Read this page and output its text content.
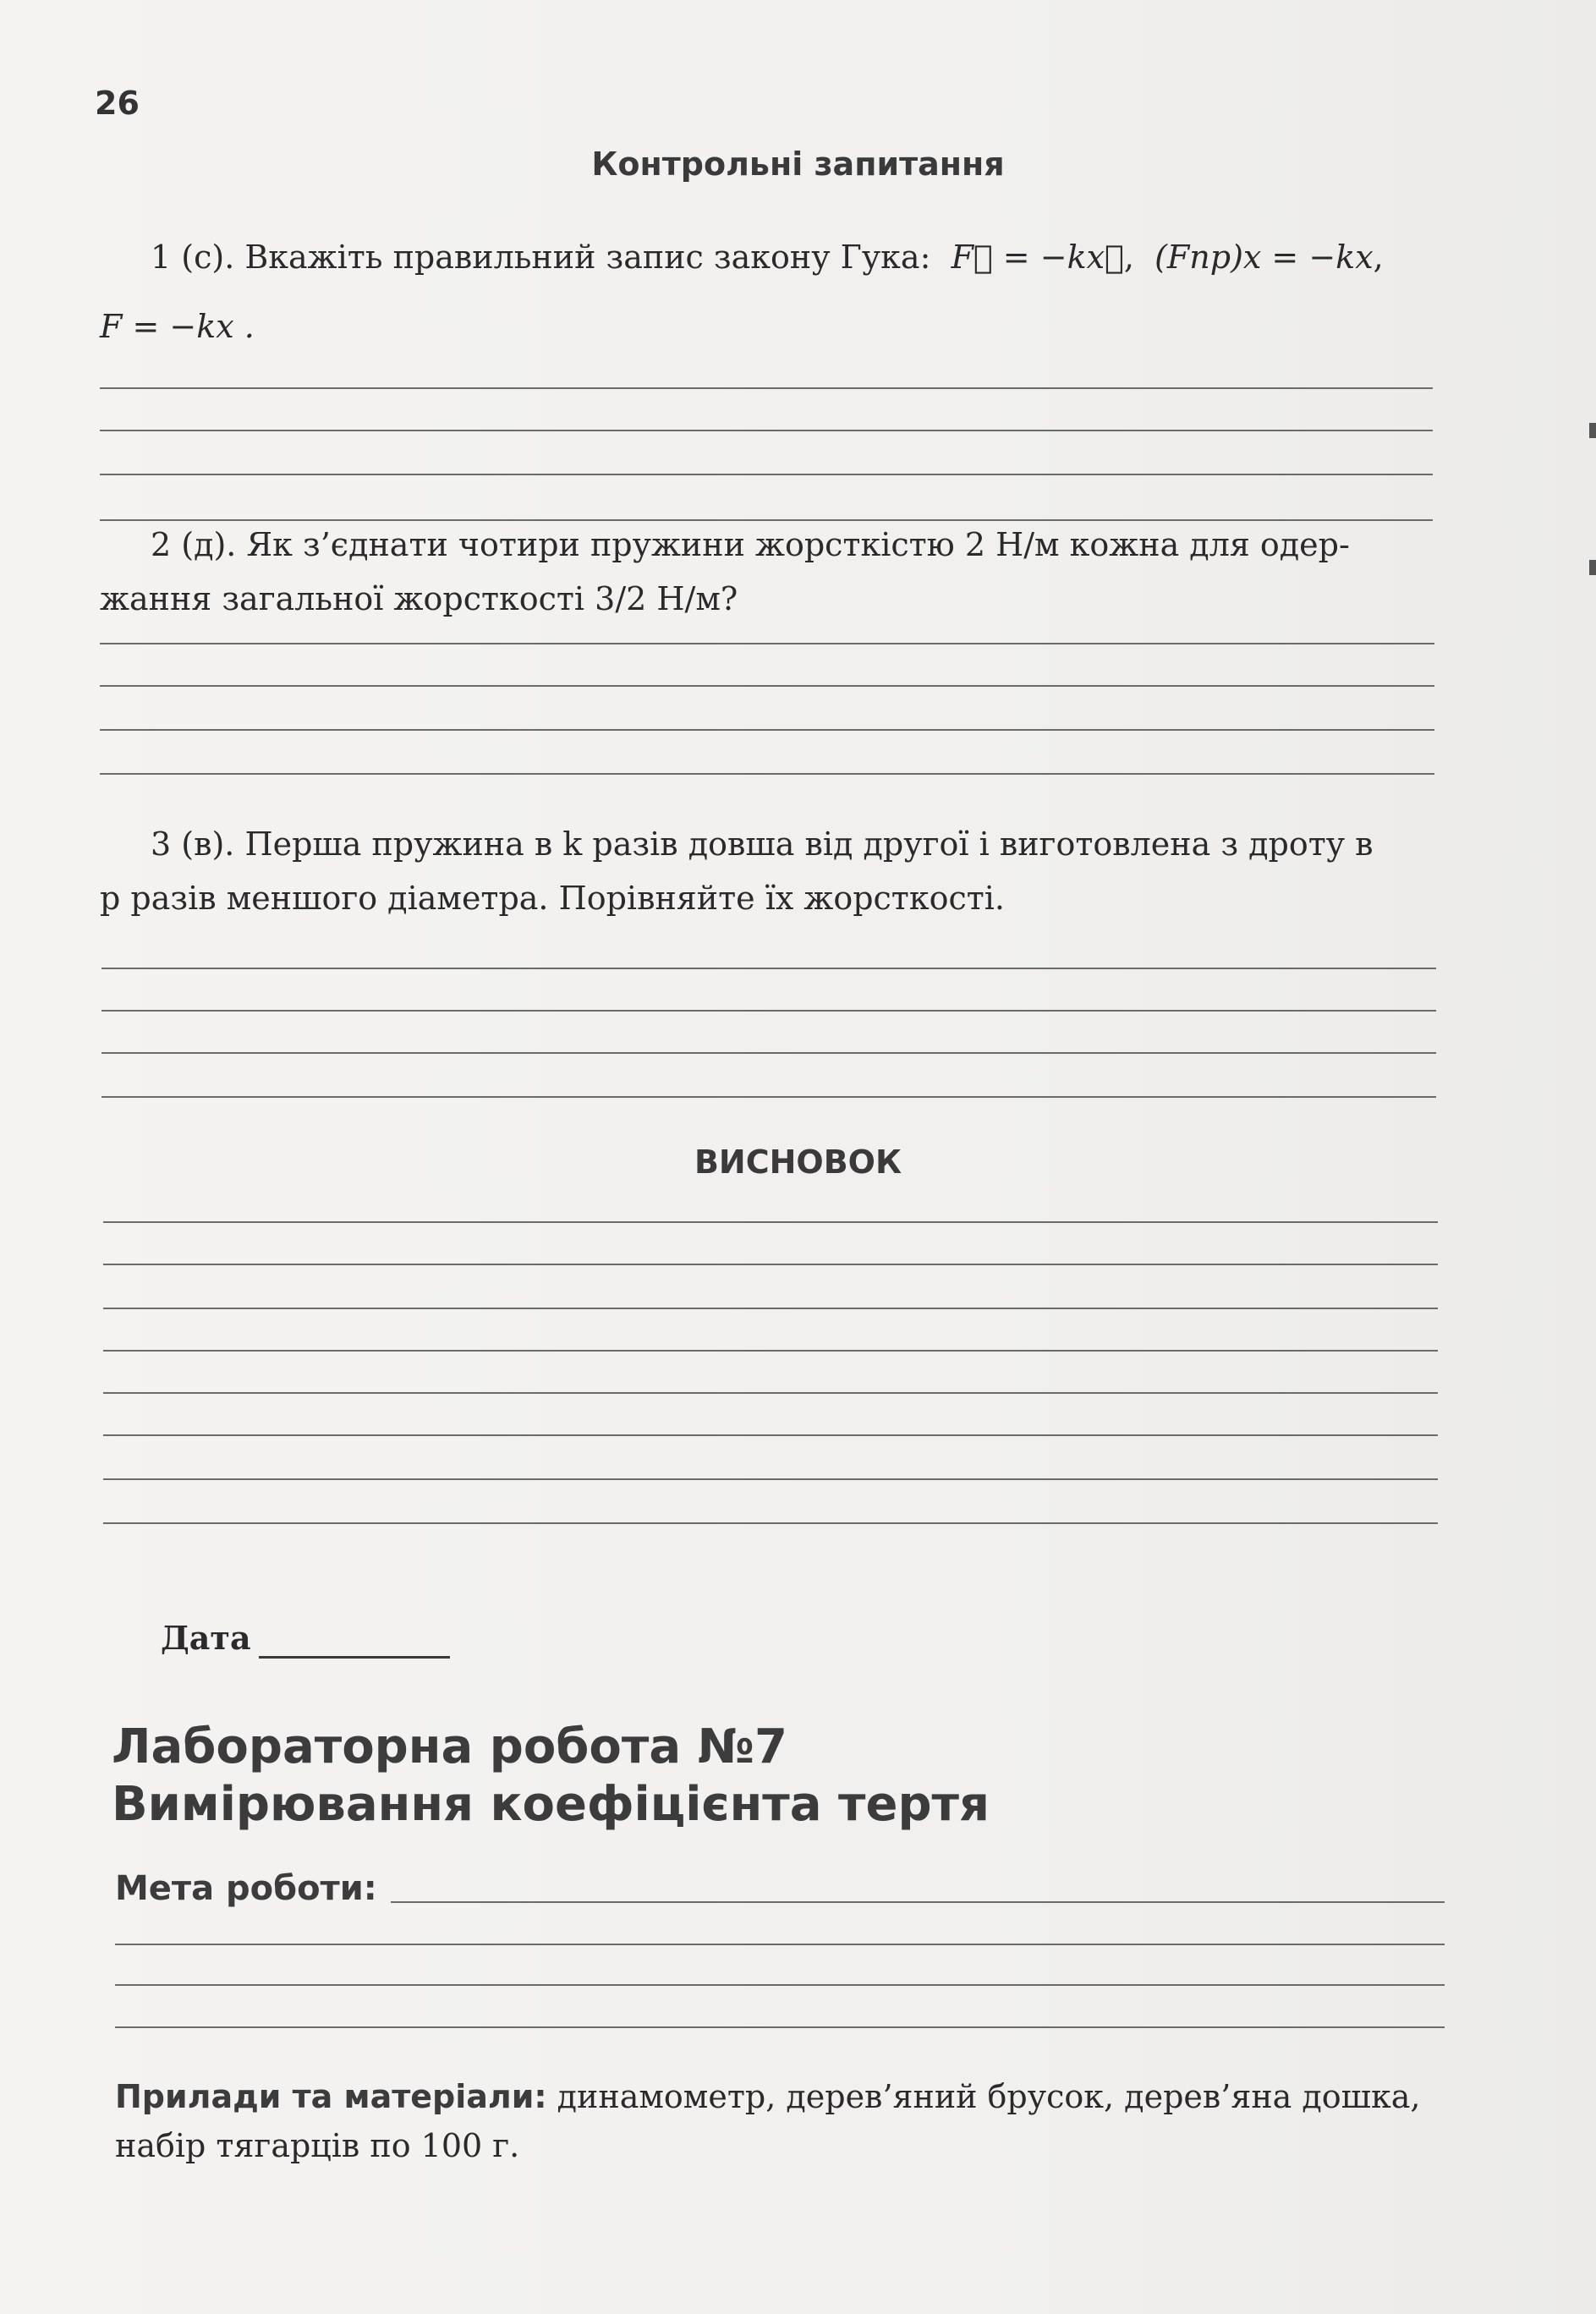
26
Контрольні запитання
1 (с). Вкажіть правильний запис закону Гука: F⃗ = −kx⃗,  (Fпр)x = −kx,
F = −kx .
2 (д). Як з’єднати чотири пружини жорсткістю 2 Н/м кожна для одер-
жання загальної жорсткості 3/2 Н/м?
3 (в). Перша пружина в k разів довша від другої і виготовлена з дроту в
p разів меншого діаметра. Порівняйте їх жорсткості.
ВИСНОВОК
Дата
Лабораторна робота №7
Вимірювання коефіцієнта тертя
Мета роботи:
Прилади та матеріали: динамометр, дерев’яний брусок, дерев’яна дошка,
набір тягарців по 100 г.
